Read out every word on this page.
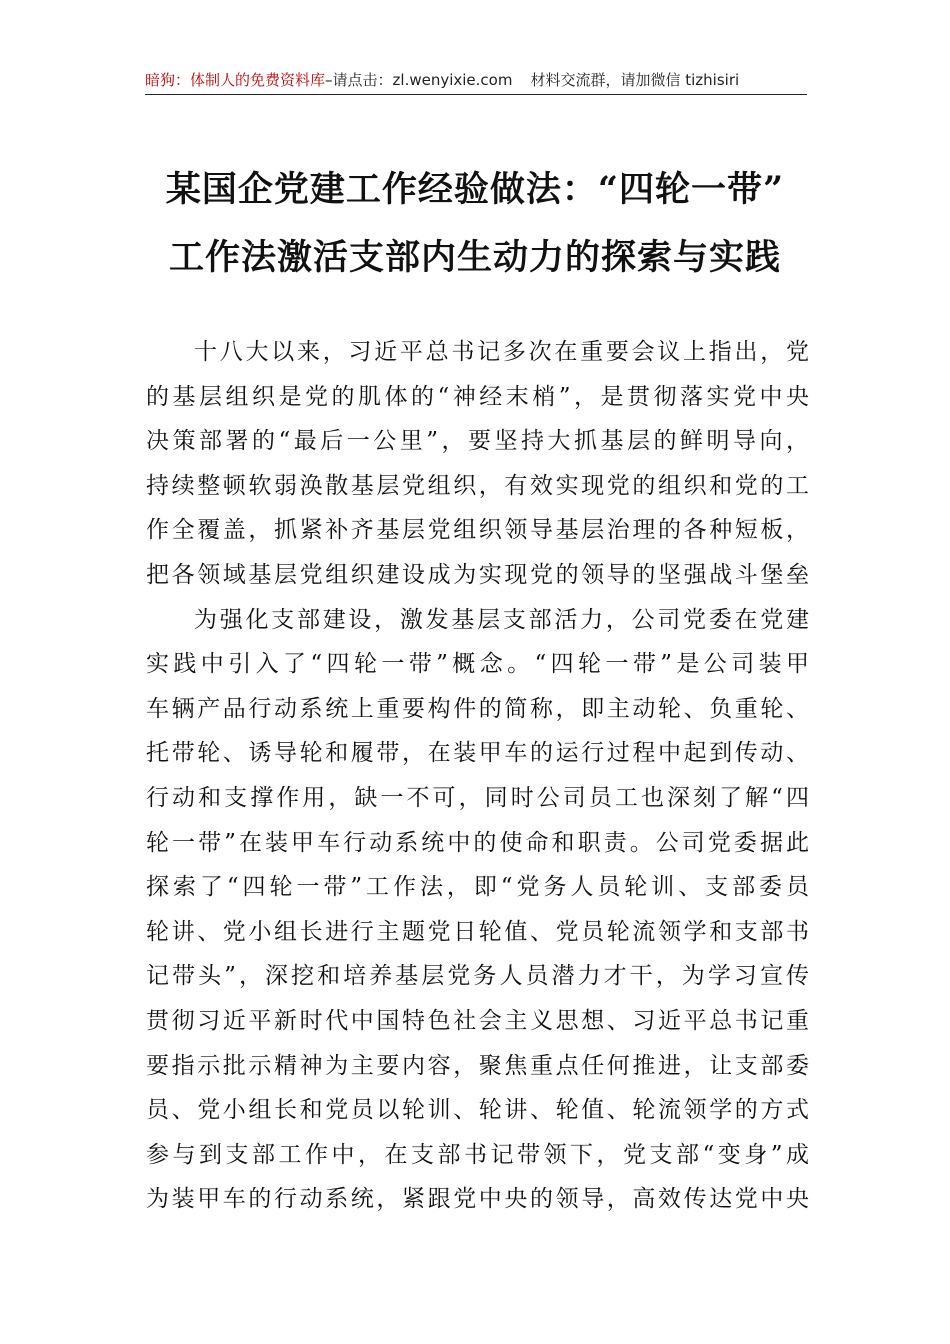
暗狗：体制人的免费资料库–请点击：zl.wenyixie.com 材料交流群，请加微信 tizhisiri
某国企党建工作经验做法：“四轮一带”
工作法激活支部内生动力的探索与实践
十八大以来，习近平总书记多次在重要会议上指出，党
的基层组织是党的肌体的“神经末梢”，是贯彻落实党中央
决策部署的“最后一公里”，要坚持大抓基层的鲜明导向，
持续整顿软弱涣散基层党组织，有效实现党的组织和党的工
作全覆盖，抓紧补齐基层党组织领导基层治理的各种短板，
把各领域基层党组织建设成为实现党的领导的坚强战斗堡垒
为强化支部建设，激发基层支部活力，公司党委在党建
实践中引入了“四轮一带”概念。“四轮一带”是公司装甲
车辆产品行动系统上重要构件的简称，即主动轮、负重轮、
托带轮、诱导轮和履带，在装甲车的运行过程中起到传动、
行动和支撑作用，缺一不可，同时公司员工也深刻了解“四
轮一带”在装甲车行动系统中的使命和职责。公司党委据此
探索了“四轮一带”工作法，即“党务人员轮训、支部委员
轮讲、党小组长进行主题党日轮值、党员轮流领学和支部书
记带头”，深挖和培养基层党务人员潜力才干，为学习宣传
贯彻习近平新时代中国特色社会主义思想、习近平总书记重
要指示批示精神为主要内容，聚焦重点任何推进，让支部委
员、党小组长和党员以轮训、轮讲、轮值、轮流领学的方式
参与到支部工作中，在支部书记带领下，党支部“变身”成
为装甲车的行动系统，紧跟党中央的领导，高效传达党中央
